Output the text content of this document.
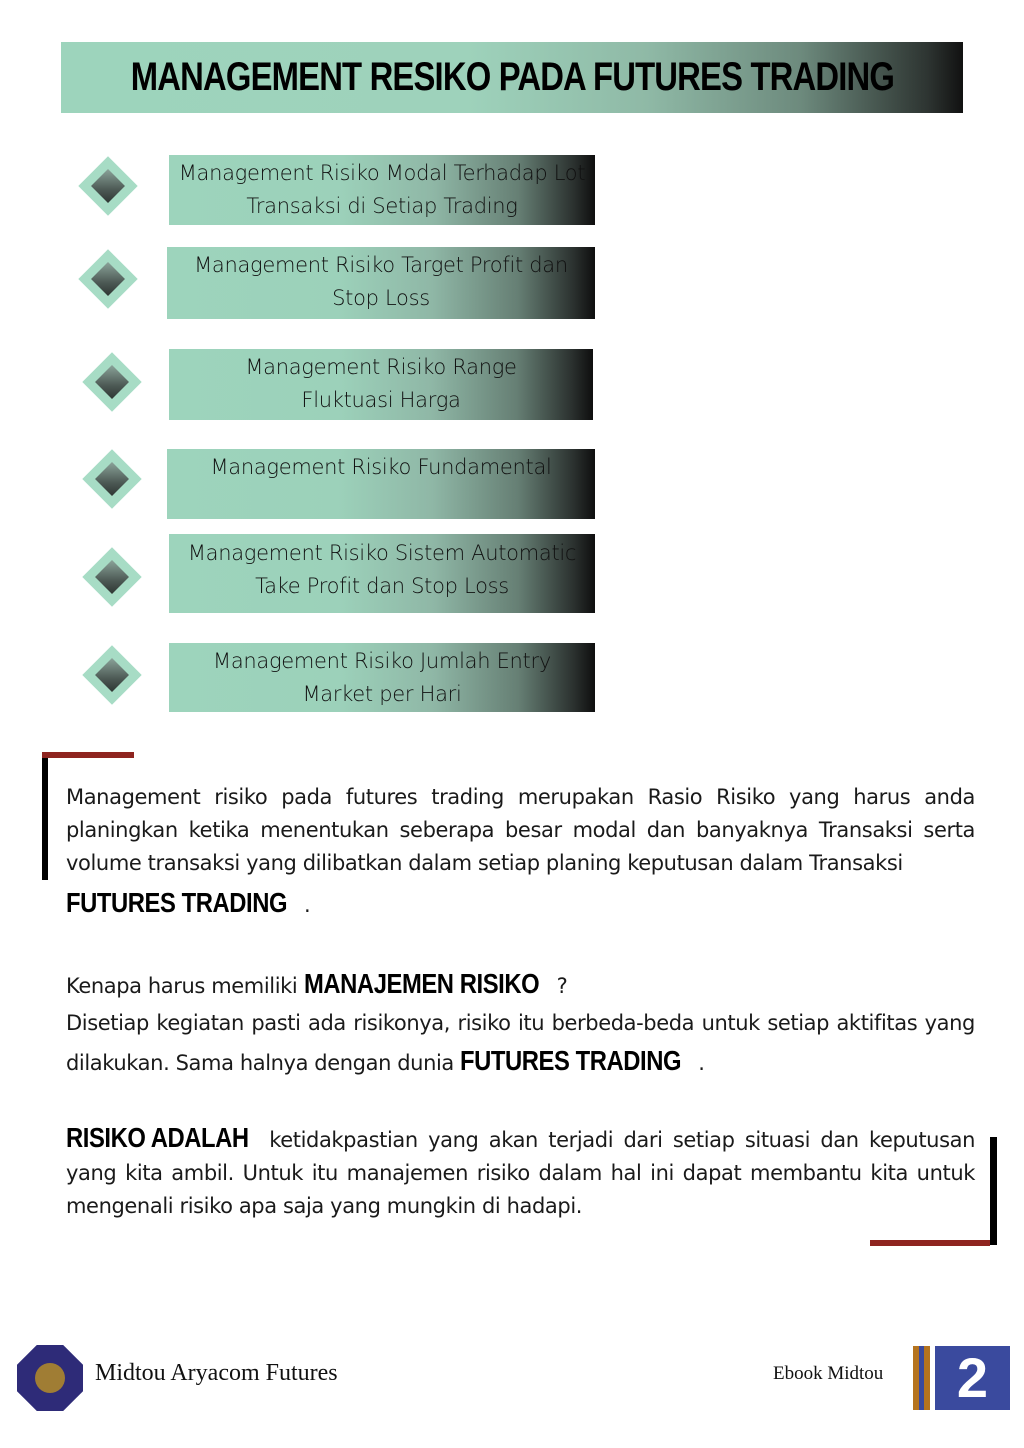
MANAGEMENT RESIKO PADA FUTURES TRADING
Management Risiko Modal Terhadap Lot
Transaksi di Setiap Trading
Management Risiko Target Profit dan
Stop Loss
Management Risiko Range
Fluktuasi Harga
Management Risiko Fundamental
Management Risiko Sistem Automatic
Take Profit dan Stop Loss
Management Risiko Jumlah Entry
Market per Hari
Management risiko pada futures trading merupakan Rasio Risiko yang harus anda planingkan ketika menentukan seberapa besar modal dan banyaknya Transaksi serta volume transaksi yang dilibatkan dalam setiap planing keputusan dalam Transaksi
FUTURES TRADING .
Kenapa harus memiliki MANAJEMEN RISIKO ?
Disetiap kegiatan pasti ada risikonya, risiko itu berbeda-beda untuk setiap aktifitas yang dilakukan. Sama halnya dengan dunia FUTURES TRADING .
RISIKO ADALAH ketidakpastian yang akan terjadi dari setiap situasi dan keputusan yang kita ambil. Untuk itu manajemen risiko dalam hal ini dapat membantu kita untuk mengenali risiko apa saja yang mungkin di hadapi.
Midtou Aryacom Futures	Ebook Midtou	2
